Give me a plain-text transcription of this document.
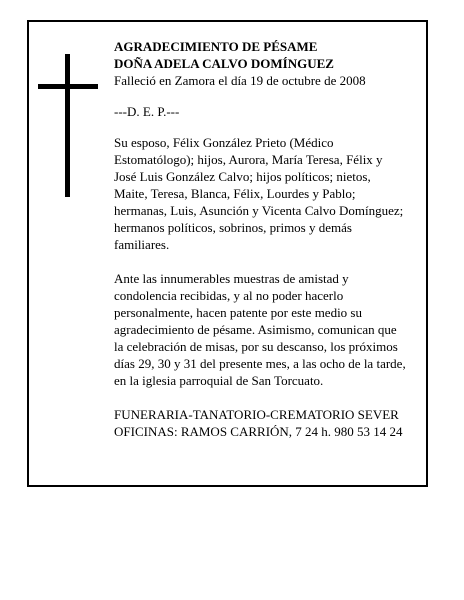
AGRADECIMIENTO DE PÉSAME
DOÑA ADELA CALVO DOMÍNGUEZ
Falleció en Zamora el día 19 de octubre de 2008
---D. E. P.---
Su esposo, Félix González Prieto (Médico
Estomatólogo); hijos, Aurora, María Teresa, Félix y
José Luis González Calvo; hijos políticos; nietos,
Maite, Teresa, Blanca, Félix, Lourdes y Pablo;
hermanas, Luis, Asunción y Vicenta Calvo Domínguez;
hermanos políticos, sobrinos, primos y demás
familiares.
Ante las innumerables muestras de amistad y
condolencia recibidas, y al no poder hacerlo
personalmente, hacen patente por este medio su
agradecimiento de pésame. Asimismo, comunican que
la celebración de misas, por su descanso, los próximos
días 29, 30 y 31 del presente mes, a las ocho de la tarde,
en la iglesia parroquial de San Torcuato.
FUNERARIA-TANATORIO-CREMATORIO SEVER
OFICINAS: RAMOS CARRIÓN, 7 24 h. 980 53 14 24
